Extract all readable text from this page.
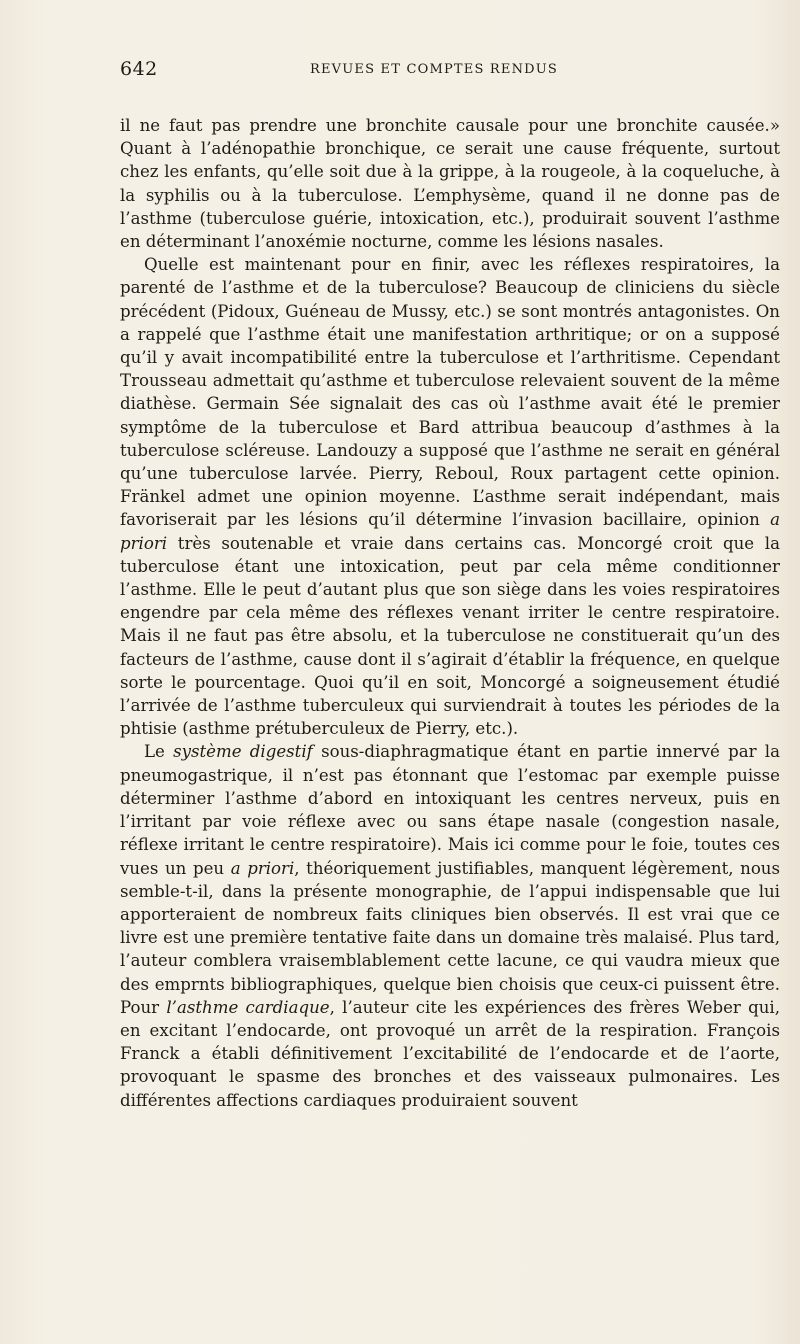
642	REVUES ET COMPTES RENDUS

il ne faut pas prendre une bronchite causale pour une bronchite causée.» Quant à l’adénopathie bronchique, ce serait une cause fréquente, surtout chez les enfants, qu’elle soit due à la grippe, à la rougeole, à la coqueluche, à la syphilis ou à la tuberculose. L’emphysème, quand il ne donne pas de l’asthme (tuberculose guérie, intoxication, etc.), produirait souvent l’asthme en déterminant l’anoxémie nocturne, comme les lésions nasales.

Quelle est maintenant pour en finir, avec les réflexes respiratoires, la parenté de l’asthme et de la tuberculose? Beaucoup de cliniciens du siècle précédent (Pidoux, Guéneau de Mussy, etc.) se sont montrés antagonistes. On a rappelé que l’asthme était une manifestation arthritique; or on a supposé qu’il y avait incompatibilité entre la tuberculose et l’arthritisme. Cependant Trousseau admettait qu’asthme et tuberculose relevaient souvent de la même diathèse. Germain Sée signalait des cas où l’asthme avait été le premier symptôme de la tuberculose et Bard attribua beaucoup d’asthmes à la tuberculose scléreuse. Landouzy a supposé que l’asthme ne serait en général qu’une tuberculose larvée. Pierry, Reboul, Roux partagent cette opinion. Fränkel admet une opinion moyenne. L’asthme serait indépendant, mais favoriserait par les lésions qu’il détermine l’invasion bacillaire, opinion a priori très soutenable et vraie dans certains cas. Moncorgé croit que la tuberculose étant une intoxication, peut par cela même conditionner l’asthme. Elle le peut d’autant plus que son siège dans les voies respiratoires engendre par cela même des réflexes venant irriter le centre respiratoire. Mais il ne faut pas être absolu, et la tuberculose ne constituerait qu’un des facteurs de l’asthme, cause dont il s’agirait d’établir la fréquence, en quelque sorte le pourcentage. Quoi qu’il en soit, Moncorgé a soigneusement étudié l’arrivée de l’asthme tuberculeux qui surviendrait à toutes les périodes de la phtisie (asthme prétuberculeux de Pierry, etc.).

Le système digestif sous-diaphragmatique étant en partie innervé par la pneumogastrique, il n’est pas étonnant que l’estomac par exemple puisse déterminer l’asthme d’abord en intoxiquant les centres nerveux, puis en l’irritant par voie réflexe avec ou sans étape nasale (congestion nasale, réflexe irritant le centre respiratoire). Mais ici comme pour le foie, toutes ces vues un peu a priori, théoriquement justifiables, manquent légèrement, nous semble-t-il, dans la présente monographie, de l’appui indispensable que lui apporteraient de nombreux faits cliniques bien observés. Il est vrai que ce livre est une première tentative faite dans un domaine très malaisé. Plus tard, l’auteur comblera vraisemblablement cette lacune, ce qui vaudra mieux que des emprnts bibliographiques, quelque bien choisis que ceux-ci puissent être. Pour l’asthme cardiaque, l’auteur cite les expériences des frères Weber qui, en excitant l’endocarde, ont provoqué un arrêt de la respiration. François Franck a établi définitivement l’excitabilité de l’endocarde et de l’aorte, provoquant le spasme des bronches et des vaisseaux pulmonaires. Les différentes affections cardiaques produiraient souvent
